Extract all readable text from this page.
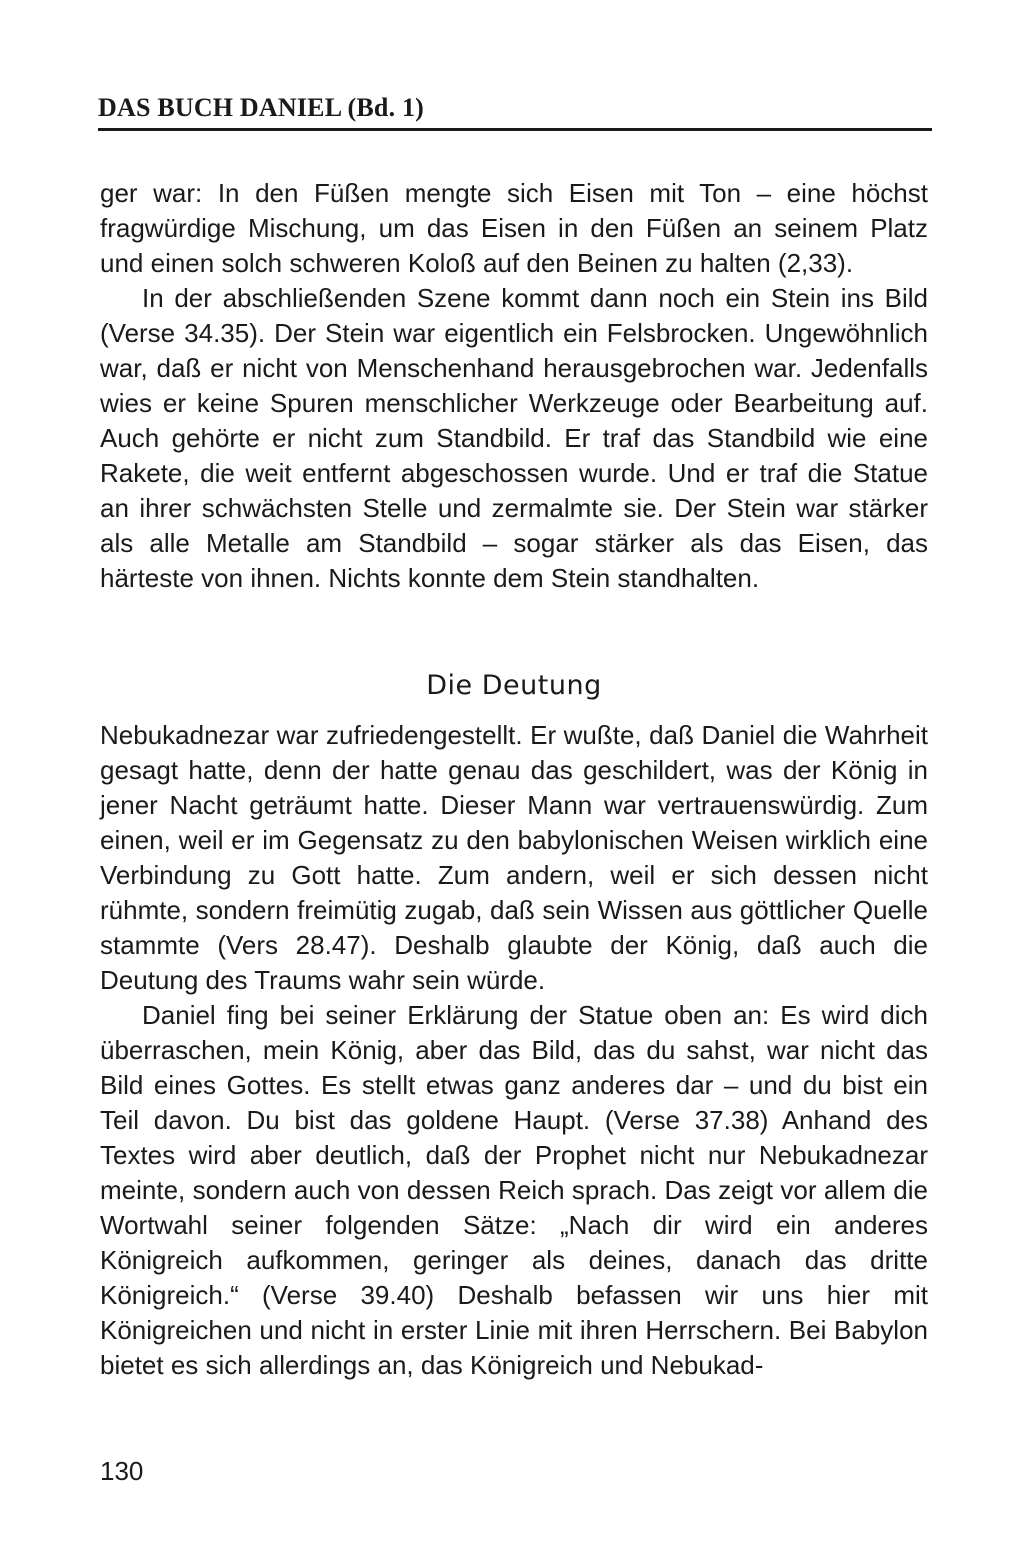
DAS BUCH DANIEL (Bd. 1)

ger war: In den Füßen mengte sich Eisen mit Ton – eine höchst fragwürdige Mischung, um das Eisen in den Füßen an seinem Platz und einen solch schweren Koloß auf den Beinen zu halten (2,33).

In der abschließenden Szene kommt dann noch ein Stein ins Bild (Verse 34.35). Der Stein war eigentlich ein Felsbrocken. Ungewöhnlich war, daß er nicht von Menschenhand herausgebrochen war. Jedenfalls wies er keine Spuren menschlicher Werkzeuge oder Bearbeitung auf. Auch gehörte er nicht zum Standbild. Er traf das Standbild wie eine Rakete, die weit entfernt abgeschossen wurde. Und er traf die Statue an ihrer schwächsten Stelle und zermalmte sie. Der Stein war stärker als alle Metalle am Standbild – sogar stärker als das Eisen, das härteste von ihnen. Nichts konnte dem Stein standhalten.

Die Deutung

Nebukadnezar war zufriedengestellt. Er wußte, daß Daniel die Wahrheit gesagt hatte, denn der hatte genau das geschildert, was der König in jener Nacht geträumt hatte. Dieser Mann war vertrauenswürdig. Zum einen, weil er im Gegensatz zu den babylonischen Weisen wirklich eine Verbindung zu Gott hatte. Zum andern, weil er sich dessen nicht rühmte, sondern freimütig zugab, daß sein Wissen aus göttlicher Quelle stammte (Vers 28.47). Deshalb glaubte der König, daß auch die Deutung des Traums wahr sein würde.

Daniel fing bei seiner Erklärung der Statue oben an: Es wird dich überraschen, mein König, aber das Bild, das du sahst, war nicht das Bild eines Gottes. Es stellt etwas ganz anderes dar – und du bist ein Teil davon. Du bist das goldene Haupt. (Verse 37.38) Anhand des Textes wird aber deutlich, daß der Prophet nicht nur Nebukadnezar meinte, sondern auch von dessen Reich sprach. Das zeigt vor allem die Wortwahl seiner folgenden Sätze: „Nach dir wird ein anderes Königreich aufkommen, geringer als deines, danach das dritte Königreich.“ (Verse 39.40) Deshalb befassen wir uns hier mit Königreichen und nicht in erster Linie mit ihren Herrschern. Bei Babylon bietet es sich allerdings an, das Königreich und Nebukad-

130
